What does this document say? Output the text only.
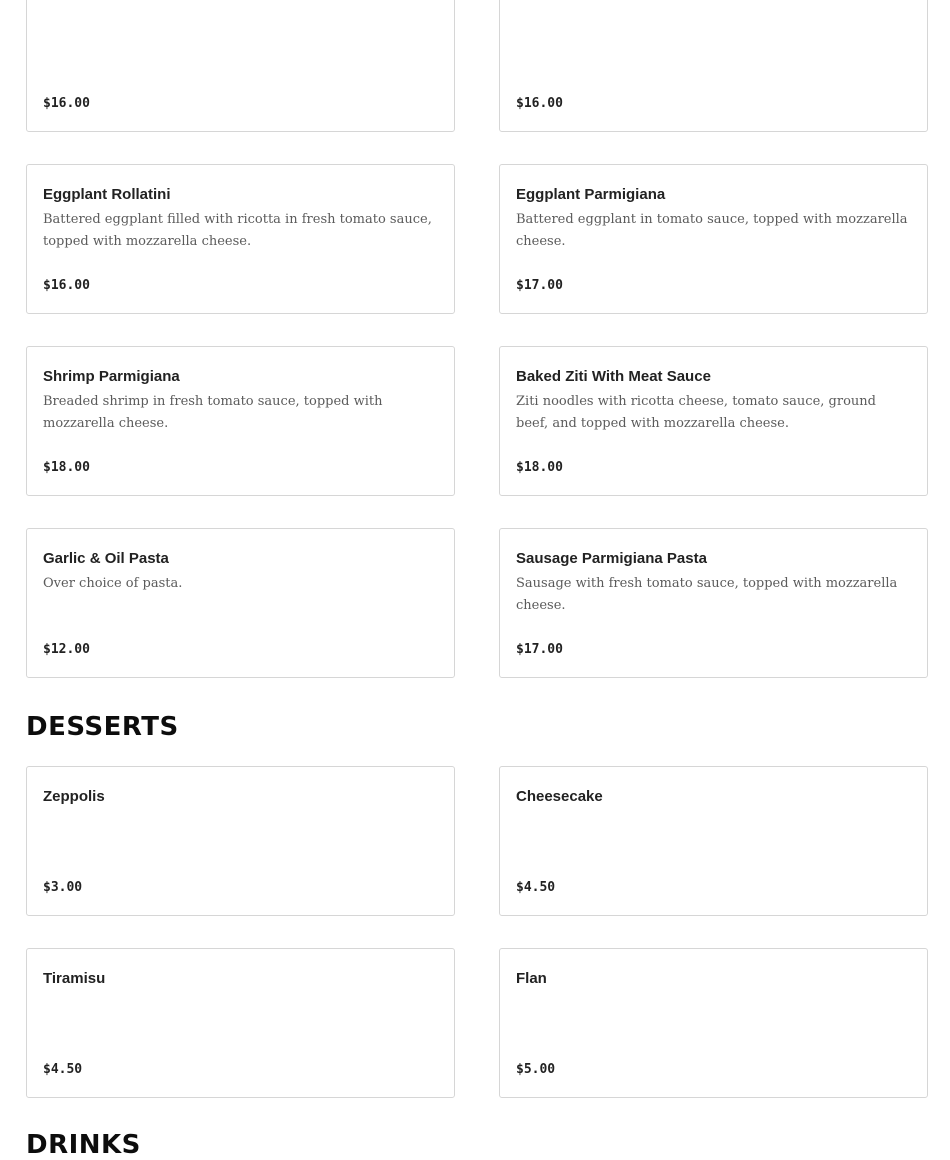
$16.00	$16.00
Eggplant Rollatini
Battered eggplant filled with ricotta in fresh tomato sauce, topped with mozzarella cheese.
$16.00
Eggplant Parmigiana
Battered eggplant in tomato sauce, topped with mozzarella cheese.
$17.00
Shrimp Parmigiana
Breaded shrimp in fresh tomato sauce, topped with mozzarella cheese.
$18.00
Baked Ziti With Meat Sauce
Ziti noodles with ricotta cheese, tomato sauce, ground beef, and topped with mozzarella cheese.
$18.00
Garlic & Oil Pasta
Over choice of pasta.
$12.00
Sausage Parmigiana Pasta
Sausage with fresh tomato sauce, topped with mozzarella cheese.
$17.00
DESSERTS
Zeppolis
$3.00
Cheesecake
$4.50
Tiramisu
$4.50
Flan
$5.00
DRINKS
